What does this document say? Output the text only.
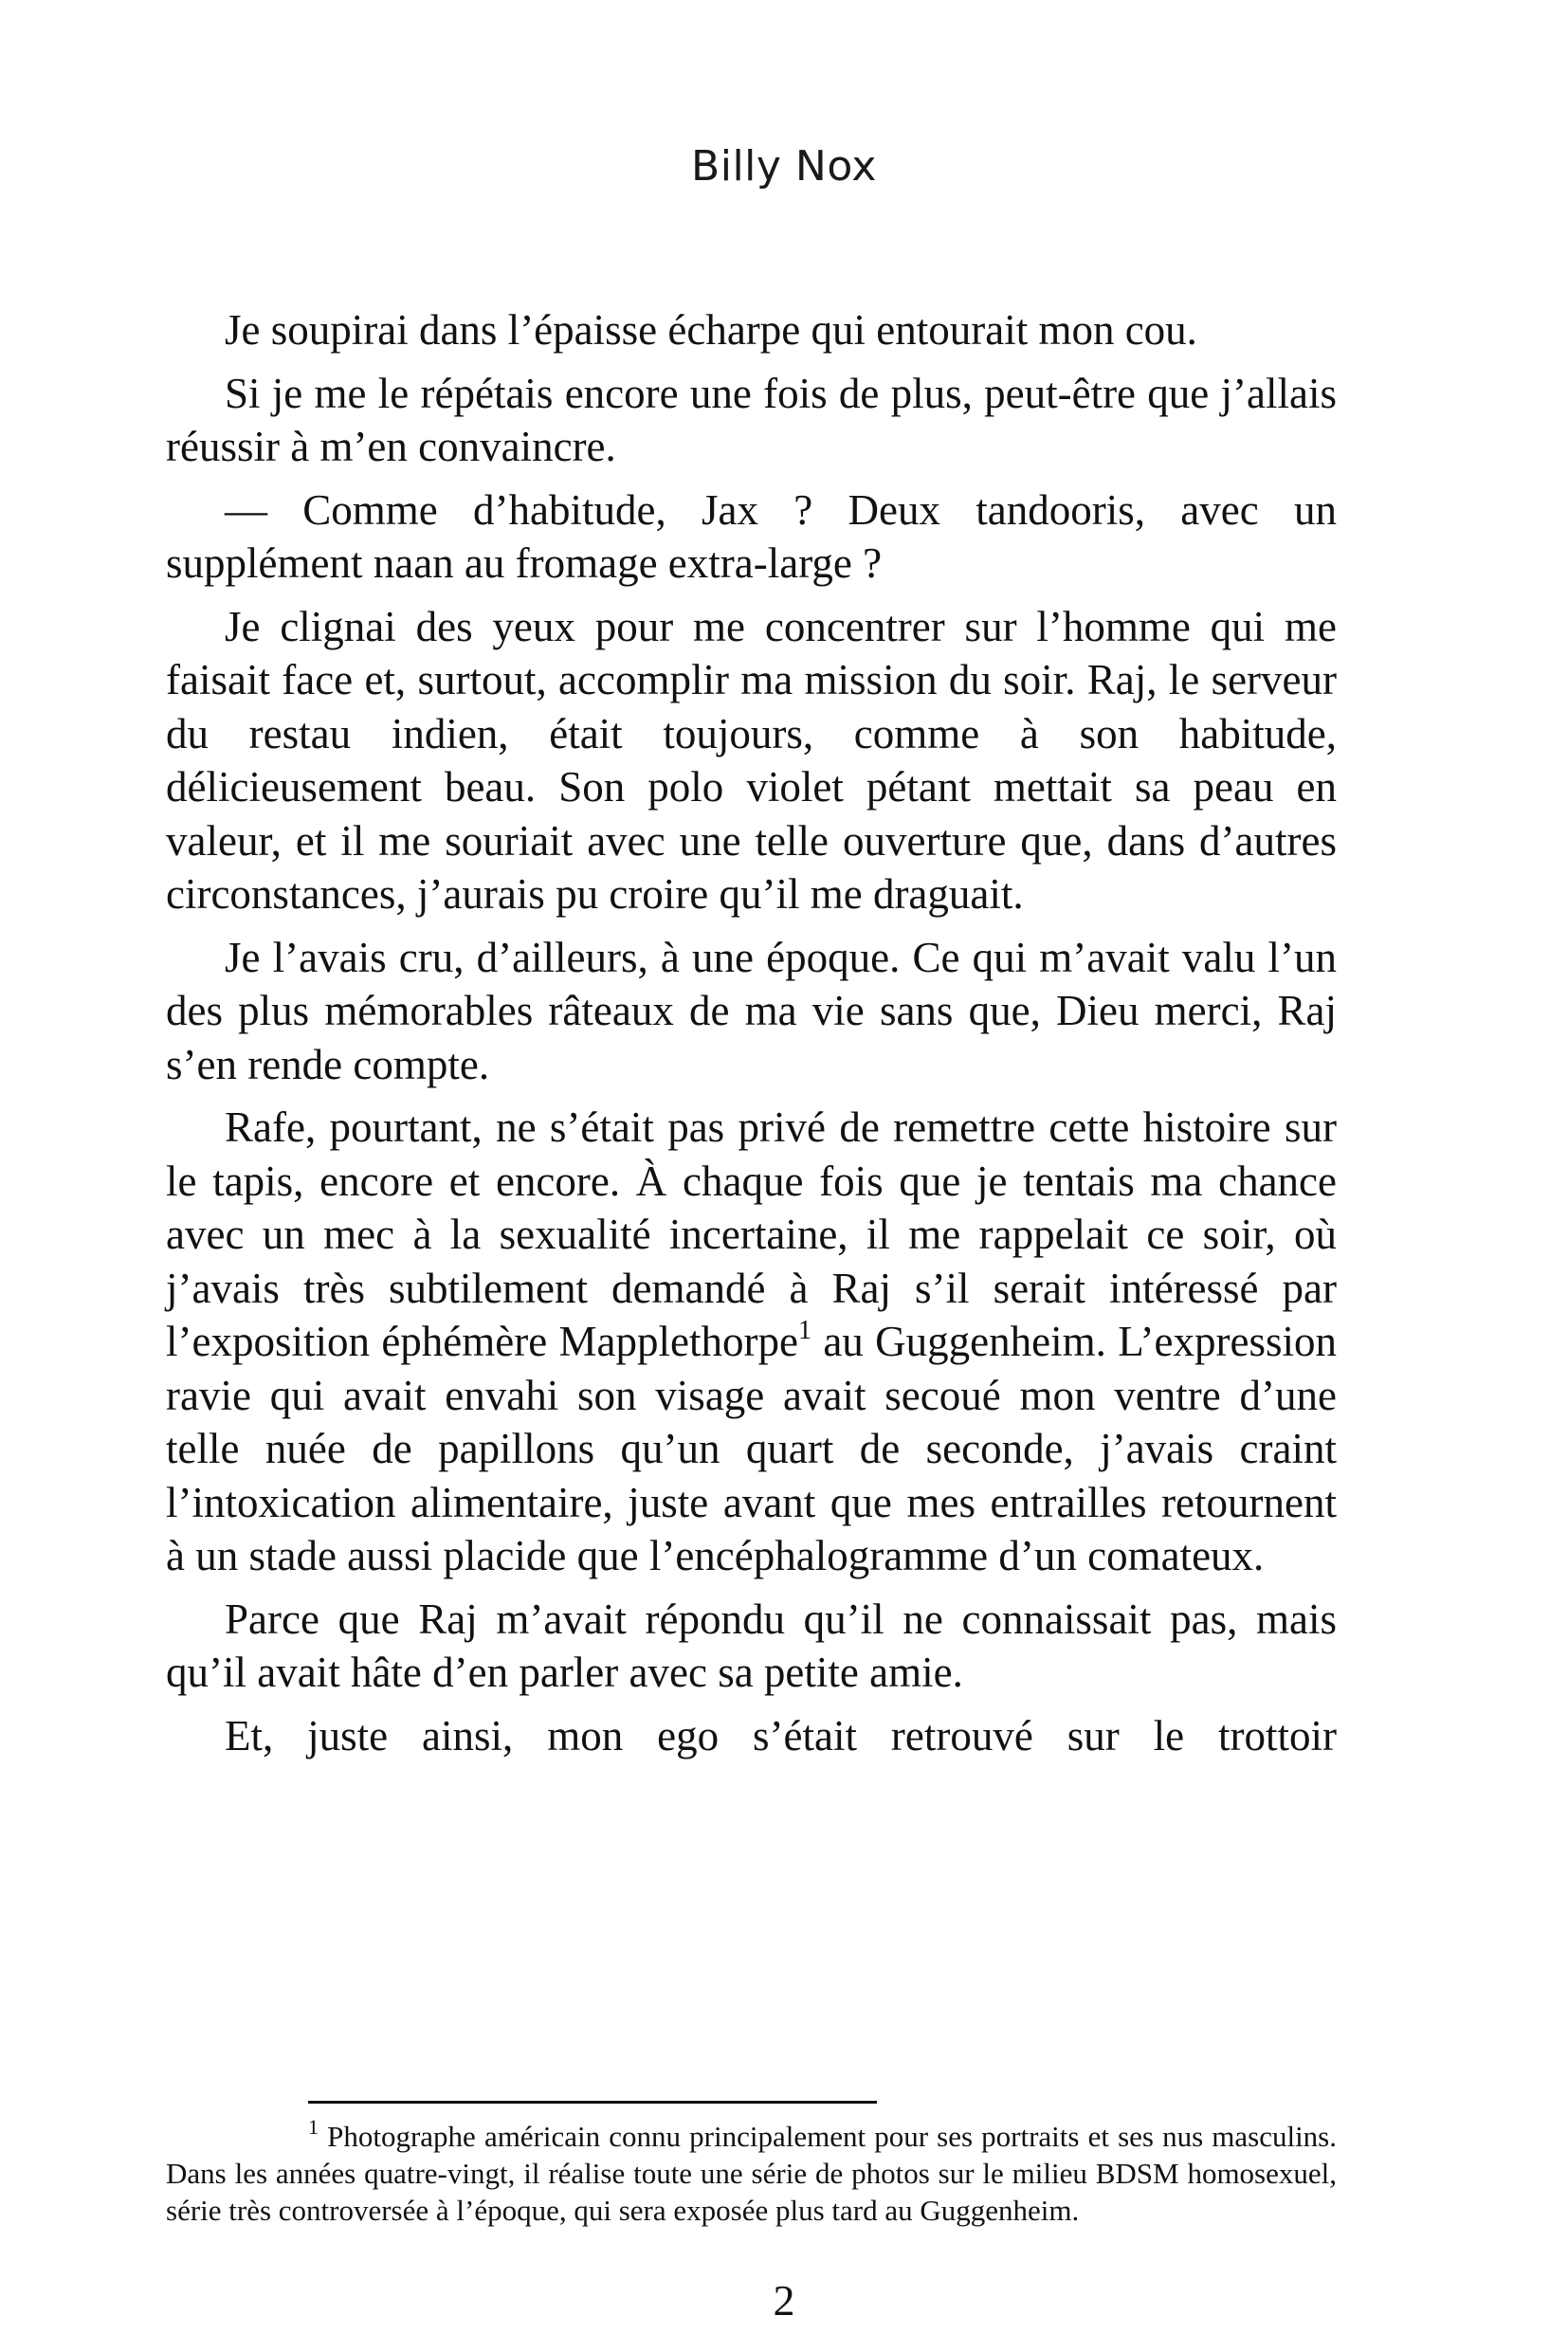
Billy Nox

Je soupirai dans l’épaisse écharpe qui entourait mon cou.

Si je me le répétais encore une fois de plus, peut-être que j’allais réussir à m’en convaincre.

— Comme d’habitude, Jax ? Deux tandooris, avec un supplément naan au fromage extra-large ?

Je clignai des yeux pour me concentrer sur l’homme qui me faisait face et, surtout, accomplir ma mission du soir. Raj, le serveur du restau indien, était toujours, comme à son habitude, délicieusement beau. Son polo violet pétant mettait sa peau en valeur, et il me souriait avec une telle ouverture que, dans d’autres circonstances, j’aurais pu croire qu’il me draguait.

Je l’avais cru, d’ailleurs, à une époque. Ce qui m’avait valu l’un des plus mémorables râteaux de ma vie sans que, Dieu merci, Raj s’en rende compte.

Rafe, pourtant, ne s’était pas privé de remettre cette histoire sur le tapis, encore et encore. À chaque fois que je tentais ma chance avec un mec à la sexualité incertaine, il me rappelait ce soir, où j’avais très subtilement demandé à Raj s’il serait intéressé par l’exposition éphémère Mapplethorpe$^1$ au Guggenheim. L’expression ravie qui avait envahi son visage avait secoué mon ventre d’une telle nuée de papillons qu’un quart de seconde, j’avais craint l’intoxication alimentaire, juste avant que mes entrailles retournent à un stade aussi placide que l’encéphalogramme d’un comateux.

Parce que Raj m’avait répondu qu’il ne connaissait pas, mais qu’il avait hâte d’en parler avec sa petite amie.

Et, juste ainsi, mon ego s’était retrouvé sur le trottoir

$^1$ Photographe américain connu principalement pour ses portraits et ses nus masculins. Dans les années quatre-vingt, il réalise toute une série de photos sur le milieu BDSM homosexuel, série très controversée à l’époque, qui sera exposée plus tard au Guggenheim.

2
